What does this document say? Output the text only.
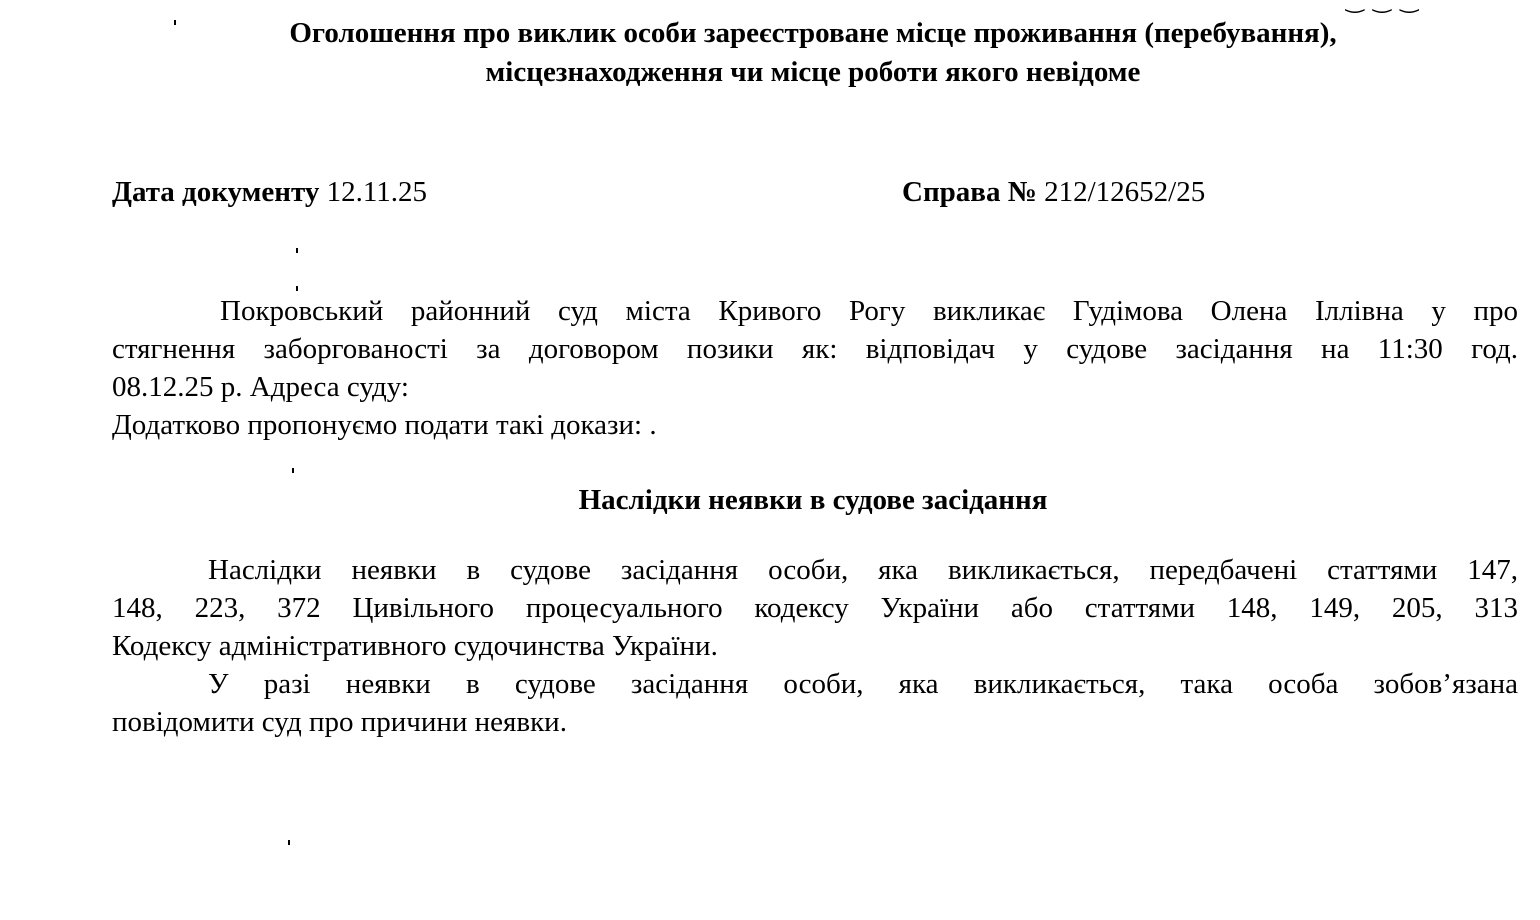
‿ ‿ ‿
Оголошення про виклик особи зареєстроване місце проживання (перебування),
місцезнаходження чи місце роботи якого невідоме
Дата документу 12.11.25	Справа № 212/12652/25
Покровський районний суд міста Кривого Рогу викликає Гудімова Олена Іллівна у про
стягнення заборгованості за договором позики як: відповідач у судове засідання на 11:30 год.
08.12.25 р. Адреса суду:
Додатково пропонуємо подати такі докази: .
Наслідки неявки в судове засідання
Наслідки неявки в судове засідання особи, яка викликається, передбачені статтями 147,
148, 223, 372 Цивільного процесуального кодексу України або статтями 148, 149, 205, 313
Кодексу адміністративного судочинства України.
У разі неявки в судове засідання особи, яка викликається, така особа зобов’язана
повідомити суд про причини неявки.
